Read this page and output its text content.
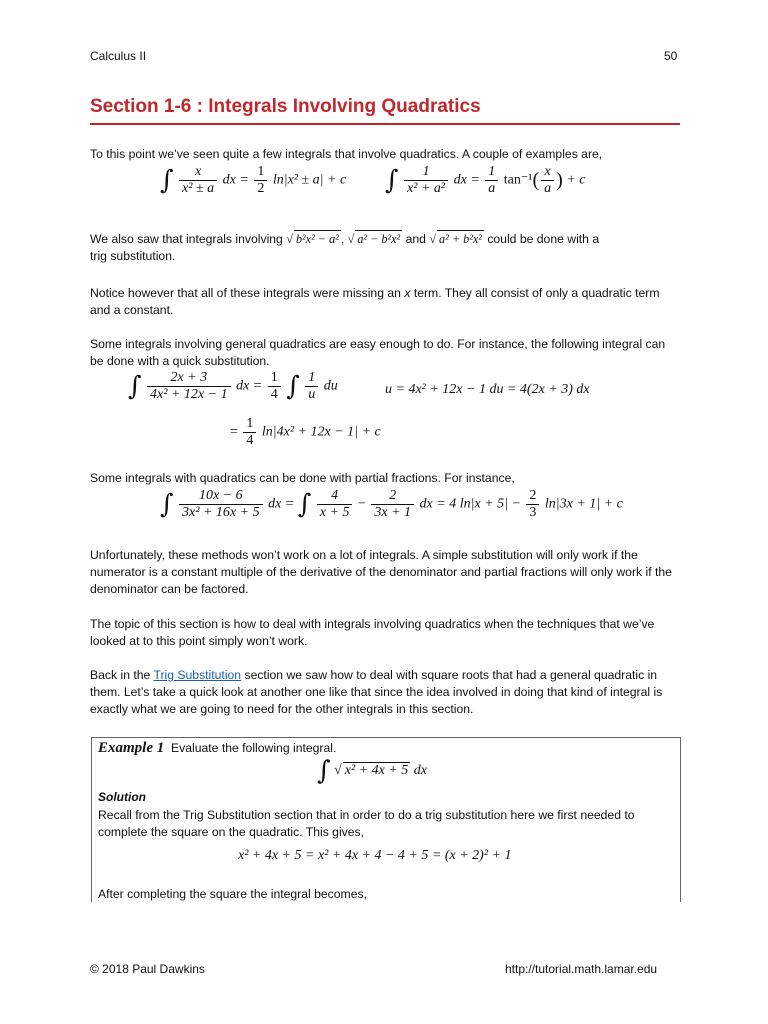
Calculus II	50
Section 1-6 : Integrals Involving Quadratics
To this point we’ve seen quite a few integrals that involve quadratics. A couple of examples are,
∫ $\frac{x}{\text{x² ± a}}$ dx = $\frac{1}{2} \ln|x^2 \pm a| + c$ ∫ $\frac{1}{\text{x² + a²}}$ dx = $\frac{1}{a} \tan^{-1}( \frac{x}{a}$ ) + c
We also saw that integrals involving √ b²x² − a² , √ a² − b²x² and √ a² + b²x² could be done with a
trig substitution.
Notice however that all of these integrals were missing an x term. They all consist of only a quadratic term and a constant.
Some integrals involving general quadratics are easy enough to do. For instance, the following integral can be done with a quick substitution.
∫ $\frac{2x + 3}{\text{4x² + 12x − 1}}$ dx = $\frac{1}{4}$ ∫ $\frac{1}{u}$ du	u = 4x² + 12x − 1 du = 4(2x + 3) dx
= $\frac{1}{4} \ln|4x^2 + 12x - 1| + c$
Some integrals with quadratics can be done with partial fractions. For instance,
∫ $\frac{10x - 6}{\text{3x² + 16x + 5}}$ dx = ∫ $\frac{4}{x + 5} - \frac{2}{3x + 1}$ dx = 4 $\ln|x + 5| - \frac{2}{3} \ln|3x + 1| + c$
Unfortunately, these methods won’t work on a lot of integrals. A simple substitution will only work if the numerator is a constant multiple of the derivative of the denominator and partial fractions will only work if the denominator can be factored.
The topic of this section is how to deal with integrals involving quadratics when the techniques that we’ve looked at to this point simply won’t work.
Back in the Trig Substitution section we saw how to deal with square roots that had a general quadratic in them. Let’s take a quick look at another one like that since the idea involved in doing that kind of integral is exactly what we are going to need for the other integrals in this section.
Example 1 Evaluate the following integral.
∫ √ x² + 4x + 5 dx
Solution
Recall from the Trig Substitution section that in order to do a trig substitution here we first needed to complete the square on the quadratic. This gives,
x² + 4x + 5 = x² + 4x + 4 − 4 + 5 = (x + 2)² + 1
After completing the square the integral becomes,
© 2018 Paul Dawkins	http://tutorial.math.lamar.edu
